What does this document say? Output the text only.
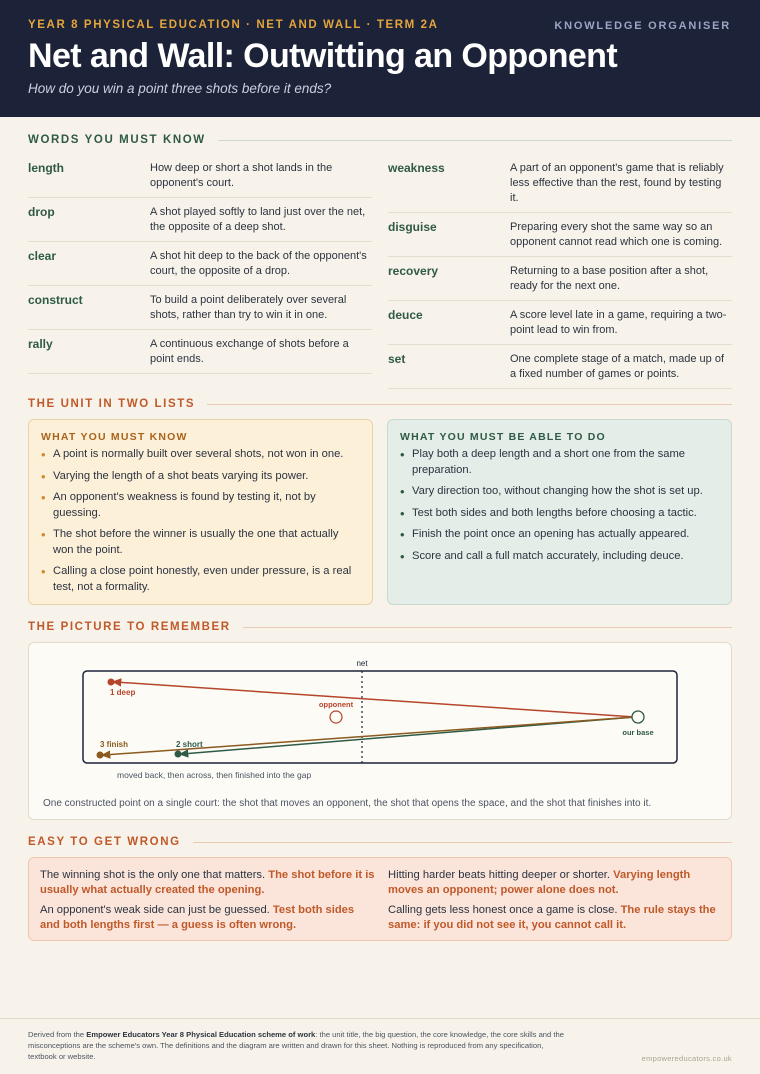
YEAR 8 PHYSICAL EDUCATION · NET AND WALL · TERM 2A	KNOWLEDGE ORGANISER
Net and Wall: Outwitting an Opponent
How do you win a point three shots before it ends?
WORDS YOU MUST KNOW
length	How deep or short a shot lands in the opponent's court.
drop	A shot played softly to land just over the net, the opposite of a deep shot.
clear	A shot hit deep to the back of the opponent's court, the opposite of a drop.
construct	To build a point deliberately over several shots, rather than try to win it in one.
rally	A continuous exchange of shots before a point ends.
weakness	A part of an opponent's game that is reliably less effective than the rest, found by testing it.
disguise	Preparing every shot the same way so an opponent cannot read which one is coming.
recovery	Returning to a base position after a shot, ready for the next one.
deuce	A score level late in a game, requiring a two-point lead to win from.
set	One complete stage of a match, made up of a fixed number of games or points.
THE UNIT IN TWO LISTS
WHAT YOU MUST KNOW
• A point is normally built over several shots, not won in one.
• Varying the length of a shot beats varying its power.
• An opponent's weakness is found by testing it, not by guessing.
• The shot before the winner is usually the one that actually won the point.
• Calling a close point honestly, even under pressure, is a real test, not a formality.
WHAT YOU MUST BE ABLE TO DO
• Play both a deep length and a short one from the same preparation.
• Vary direction too, without changing how the shot is set up.
• Test both sides and both lengths before choosing a tactic.
• Finish the point once an opening has actually appeared.
• Score and call a full match accurately, including deuce.
THE PICTURE TO REMEMBER
net
opponent
our base
1 deep
2 short
3 finish
moved back, then across, then finished into the gap
One constructed point on a single court: the shot that moves an opponent, the shot that opens the space, and the shot that finishes into it.
EASY TO GET WRONG
The winning shot is the only one that matters. The shot before it is usually what actually created the opening.
Hitting harder beats hitting deeper or shorter. Varying length moves an opponent; power alone does not.
An opponent's weak side can just be guessed. Test both sides and both lengths first — a guess is often wrong.
Calling gets less honest once a game is close. The rule stays the same: if you did not see it, you cannot call it.
Derived from the Empower Educators Year 8 Physical Education scheme of work: the unit title, the big question, the core knowledge, the core skills and the misconceptions are the scheme's own. The definitions and the diagram are written and drawn for this sheet. Nothing is reproduced from any specification, textbook or website.	empowereducators.co.uk
